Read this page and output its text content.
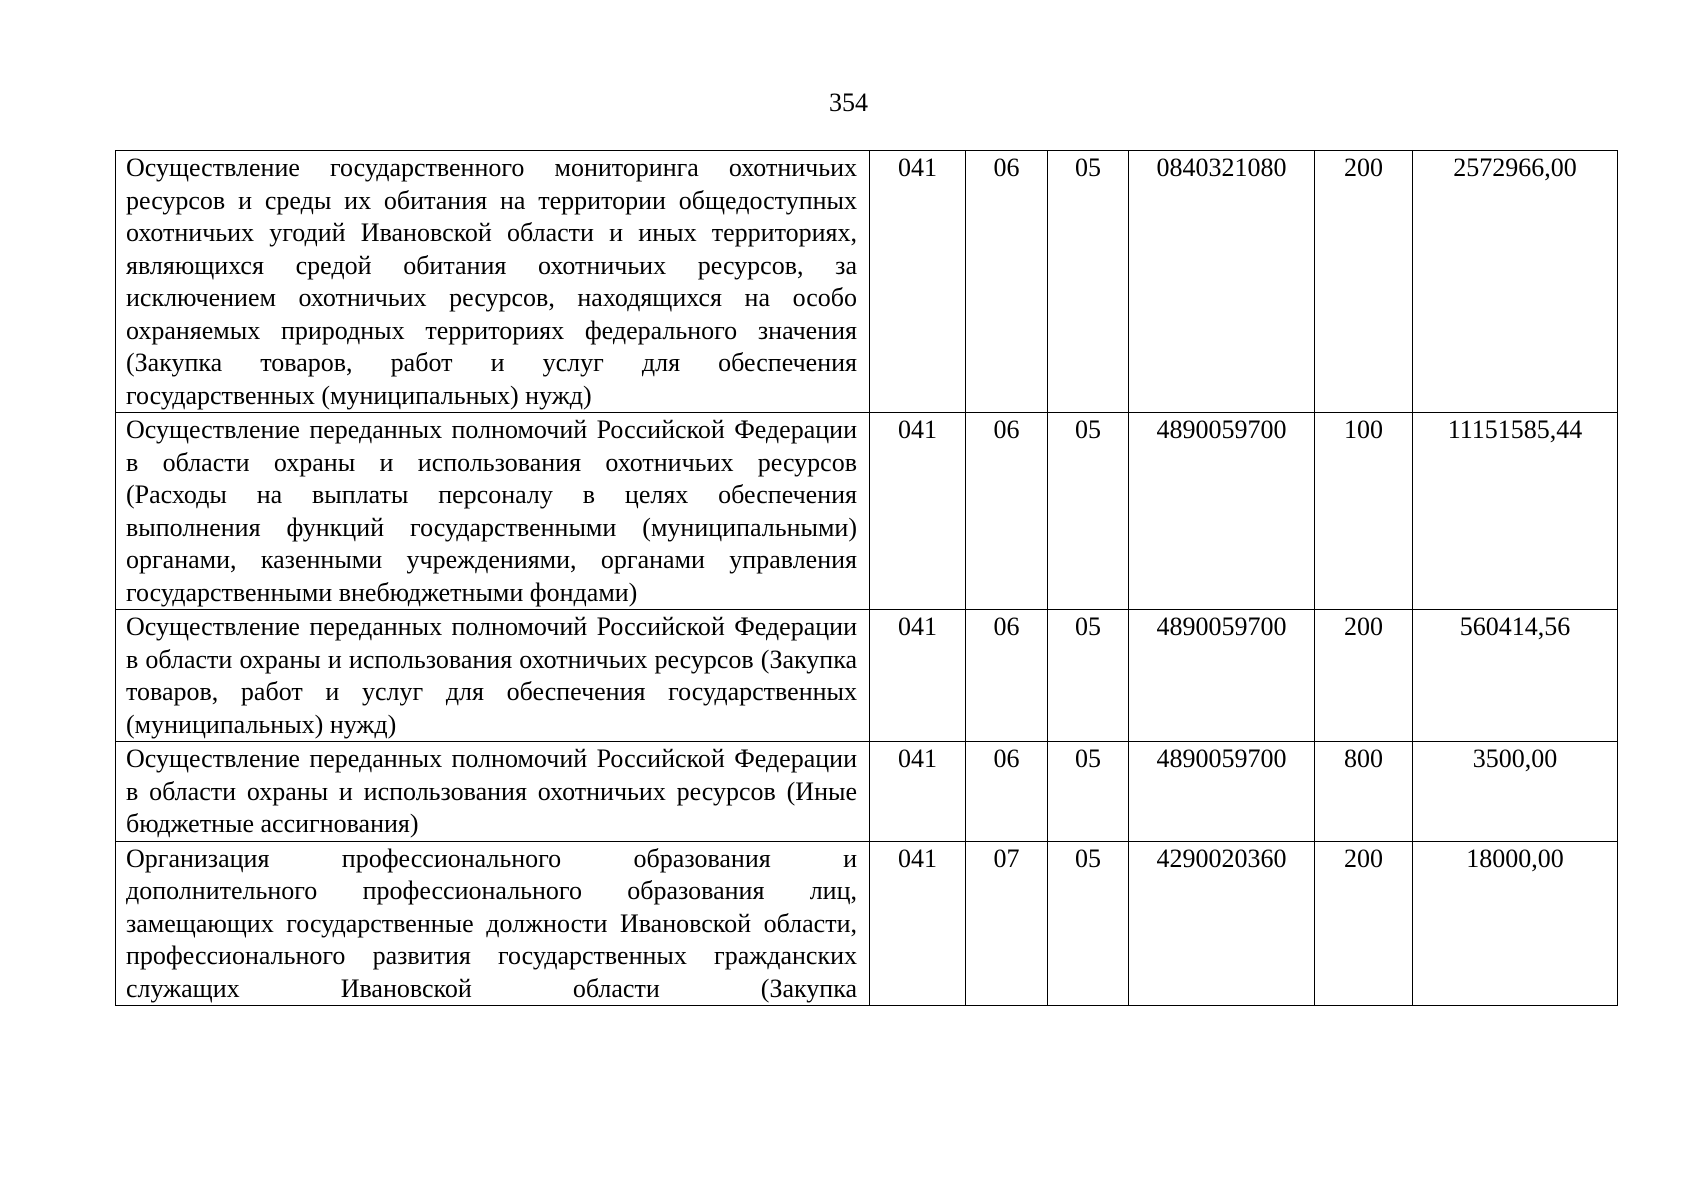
354
Осуществление государственного мониторинга охотничьих ресурсов и среды их обитания на территории общедоступных охотничьих угодий Ивановской области и иных территориях, являющихся средой обитания охотничьих ресурсов, за исключением охотничьих ресурсов, находящихся на особо охраняемых природных территориях федерального значения (Закупка товаров, работ и услуг для обеспечения государственных (муниципальных) нужд)	041	06	05	0840321080	200	2572966,00
Осуществление переданных полномочий Российской Федерации в области охраны и использования охотничьих ресурсов (Расходы на выплаты персоналу в целях обеспечения выполнения функций государственными (муниципальными) органами, казенными учреждениями, органами управления государственными внебюджетными фондами)	041	06	05	4890059700	100	11151585,44
Осуществление переданных полномочий Российской Федерации в области охраны и использования охотничьих ресурсов (Закупка товаров, работ и услуг для обеспечения государственных (муниципальных) нужд)	041	06	05	4890059700	200	560414,56
Осуществление переданных полномочий Российской Федерации в области охраны и использования охотничьих ресурсов (Иные бюджетные ассигнования)	041	06	05	4890059700	800	3500,00

Организация профессионального образования и дополнительного профессионального образования лиц, замещающих государственные должности Ивановской области, профессионального развития государственных гражданских служащих Ивановской области (Закупка	041	07	05	4290020360	200	18000,00
